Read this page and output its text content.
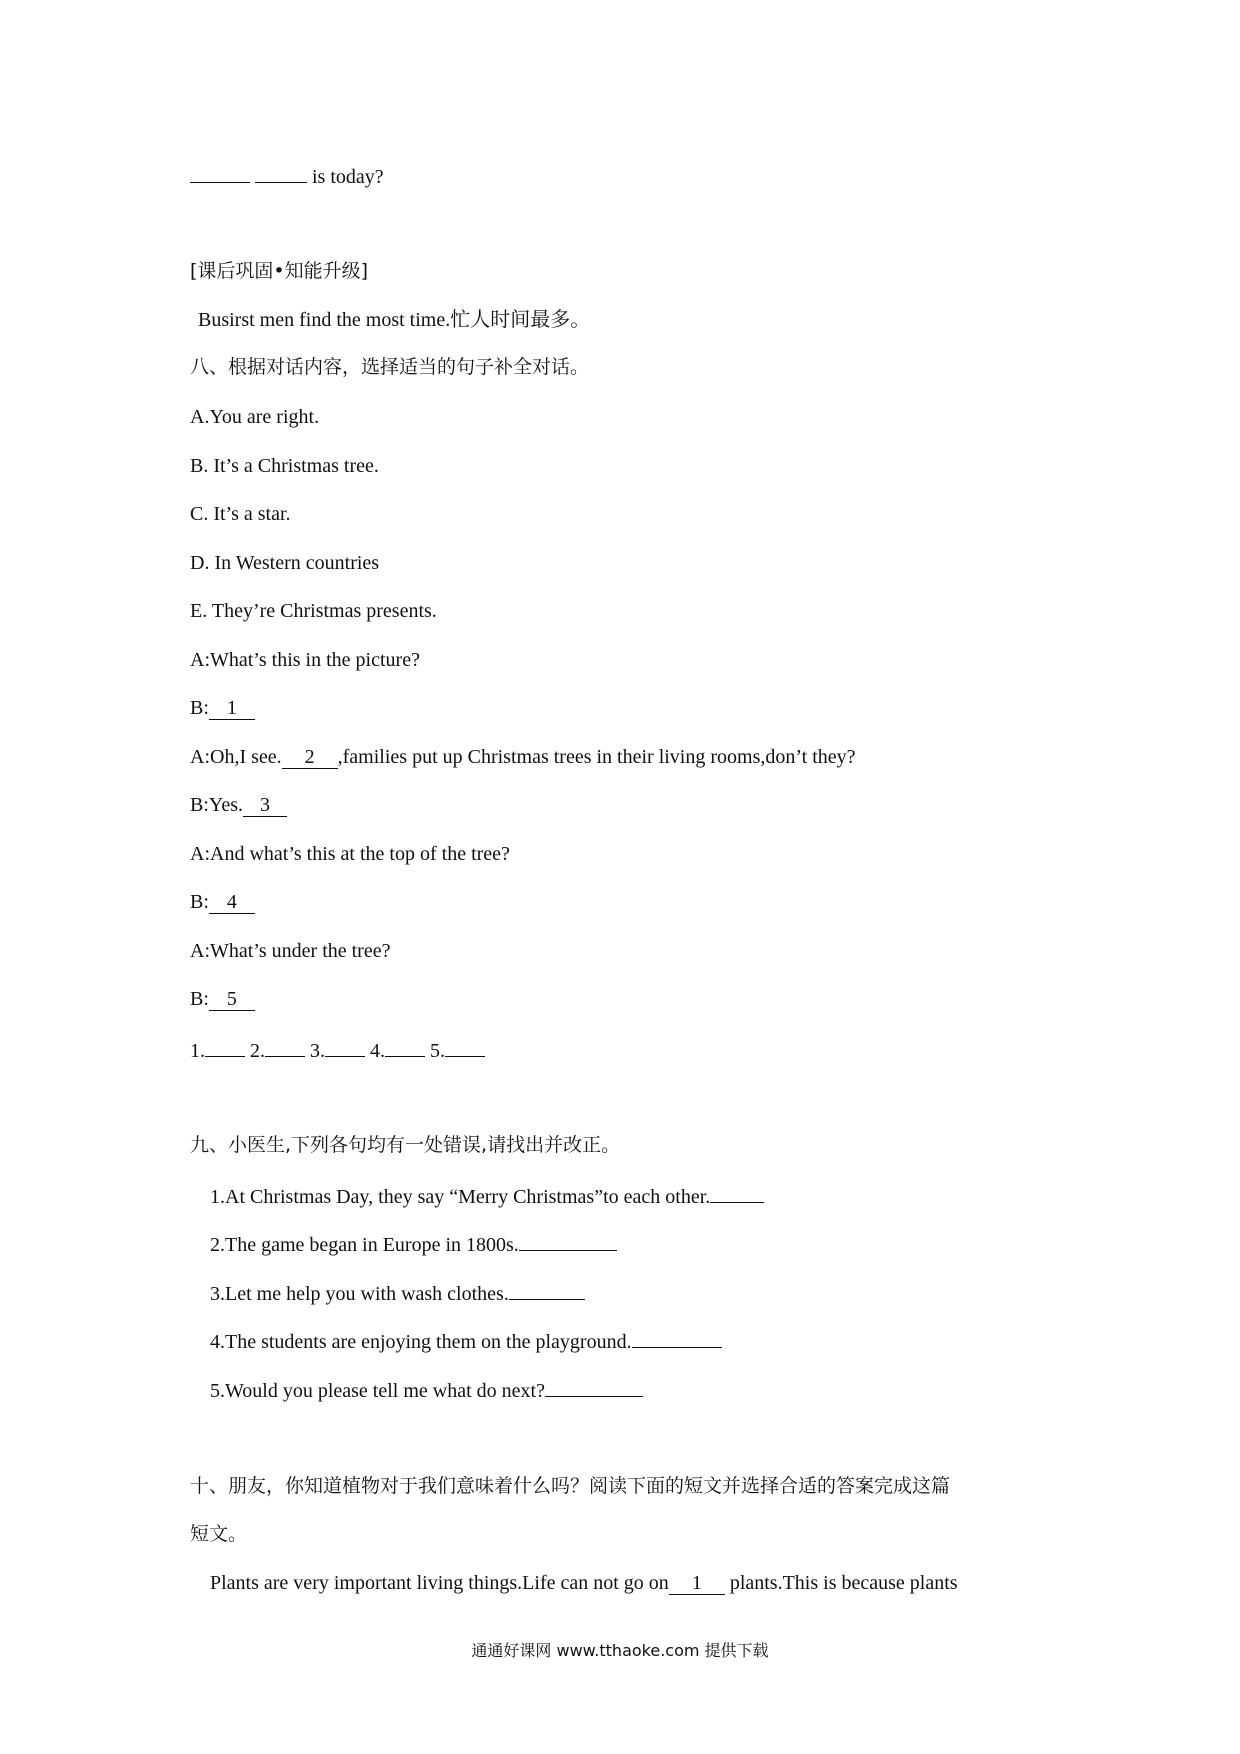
is today?
[课后巩固•知能升级]
Busirst men find the most time.忙人时间最多。
八、根据对话内容，选择适当的句子补全对话。
A.You are right.
B. It’s a Christmas tree.
C. It’s a star.
D. In Western countries
E. They’re Christmas presents.
A:What’s this in the picture?
B: 1
A:Oh,I see. 2 ,families put up Christmas trees in their living rooms,don’t they?
B:Yes. 3
A:And what’s this at the top of the tree?
B: 4
A:What’s under the tree?
B: 5
1. 2. 3. 4. 5.
九、小医生,下列各句均有一处错误,请找出并改正。
1.At Christmas Day, they say “Merry Christmas”to each other.
2.The game began in Europe in 1800s.
3.Let me help you with wash clothes.
4.The students are enjoying them on the playground.
5.Would you please tell me what do next?
十、朋友，你知道植物对于我们意味着什么吗？阅读下面的短文并选择合适的答案完成这篇
短文。
Plants are very important living things.Life can not go on 1 plants.This is because plants
通通好课网 www.tthaoke.com 提供下载
